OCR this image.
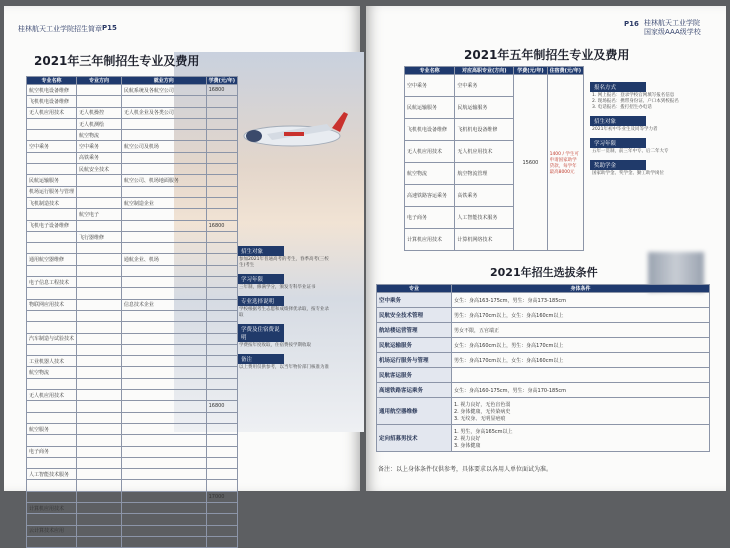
桂林航天工业学院招生简章 P15
2021年三年制招生专业及费用
专业名称	专业方向	就业方向	学费(元/年)
航空机电设备维修		民航系统及各航空公司	16800
飞机机电设备维修			
无人机应用技术	无人机操控	无人机企业及各类公司	
	无人机测绘		
	航空物流		
空中乘务	空中乘务	航空公司及机场	
	高铁乘务		
	民航安全技术		
民航运输服务		航空公司、机场地面服务	
机场运行服务与管理			
飞机制造技术		航空制造企业	
	航空电子		
飞机电子设备维修			16800
	飞行器维修		

通用航空器维修		通航企业、机场	

电子信息工程技术			

物联网应用技术		信息技术企业	

汽车制造与试验技术			

工业机器人技术			
航空物流			

无人机应用技术			
			16800

航空服务			

电子商务			

人工智能技术服务			

			17000
计算机应用技术			

云计算技术应用			

招生对象
参加2021年普通高考的考生，春季高考(三校生)考生
学习年限
三年制，修满学分，颁发专科毕业证书
专业选择说明
学校根据考生志愿和成绩择优录取，按专业录取
学费及住宿费说明
学费按年度收取，住宿费按学期收取
备注
以上费用仅供参考，以当年物价部门核准为准
P16 桂林航天工业学院
国家级AAA级学校
2021年五年制招生专业及费用
专业名称	对应高职专业(方向)	学费(元/年)	住宿费(元/年)
空中乘务	空中乘务	15600	1400 / 学生可申请国家助学贷款，每学年最高8000元
民航运输服务	民航运输服务		
飞机机电设备维修	飞机机电设备维修		
无人机应用技术	无人机应用技术		
航空物流	航空物流管理		
高速铁路客运乘务	高铁乘务		
电子商务	人工智能技术服务		
计算机应用技术	计算机网络技术		
报名方式
1. 网上报名：登录学校官网填写报名信息
2. 现场报名：携带身份证、户口本到校报名
3. 电话报名：拨打招生办电话
招生对象
2021年初中毕业生及同等学力者
学习年限
五年一贯制，前三年中专、后二年大专
奖助学金
国家助学金、奖学金、勤工助学岗位
2021年招生选拔条件
专业	身体条件
空中乘务	女生：身高163-175cm，男生：身高173-185cm
民航安全技术管理	男生：身高170cm以上，女生：身高160cm以上
航站楼运营管理	男女不限，五官端正
民航运输服务	女生：身高160cm以上，男生：身高170cm以上
机场运行服务与管理	男生：身高170cm以上，女生：身高160cm以上
民航客运服务	
高速铁路客运乘务	女生：身高160-175cm，男生：身高170-185cm
通用航空器维修	1. 视力良好，无色盲色弱
2. 身体健康，无传染病史
3. 无纹身、无明显疤痕
定向招募男技术	1. 男生，身高165cm以上
2. 视力良好
3. 身体健康
备注：以上身体条件仅供参考，具体要求以各用人单位面试为准。
